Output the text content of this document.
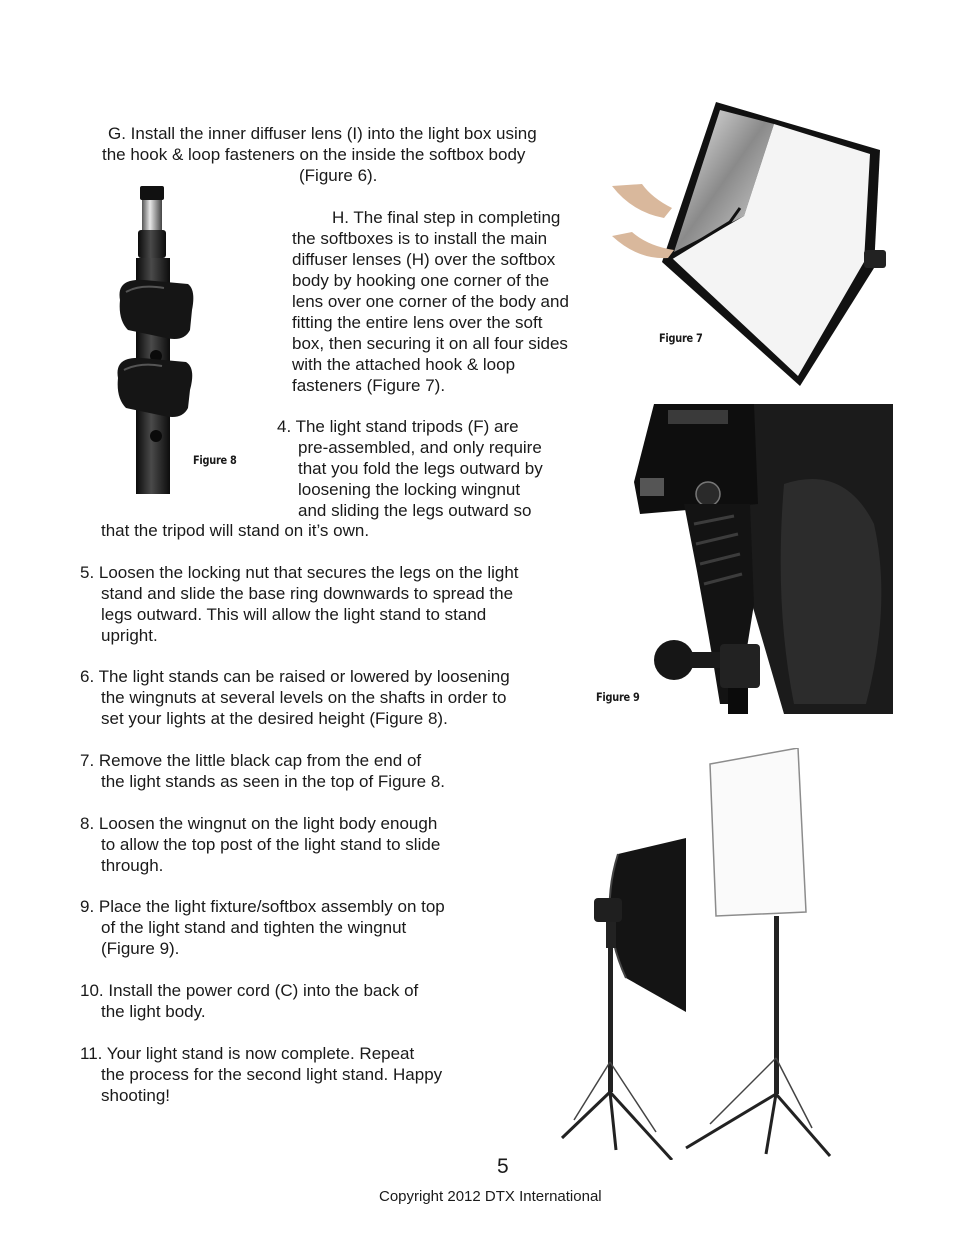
G. Install the inner diffuser lens (I) into the light box using

the hook & loop fasteners on the inside the softbox body

(Figure 6).

H. The final step in completing

the softboxes is to install the main

diffuser lenses (H) over the softbox

body by hooking one corner of the

lens over one corner of the body and

fitting the entire lens over the soft

box, then securing it on all four sides

with the attached hook & loop

fasteners (Figure 7).

4. The light stand tripods (F) are

pre-assembled, and only require

that you fold the legs outward by

loosening the locking wingnut

and sliding the legs outward so

that the tripod will stand on it’s own.

5. Loosen the locking nut that secures the legs on the light

stand and slide the base ring downwards to spread the

legs outward. This will allow the light stand to stand

upright.

6. The light stands can be raised or lowered by loosening

the wingnuts at several levels on the shafts in order to

set your lights at the desired height (Figure 8).

7. Remove the little black cap from the end of

the light stands as seen in the top of Figure 8.

8. Loosen the wingnut on the light body enough

to allow the top post of the light stand to slide

through.

9. Place the light fixture/softbox assembly on top

of the light stand and tighten the wingnut

(Figure 9).

10. Install the power cord (C) into the back of

the light body.

11. Your light stand is now complete. Repeat

the process for the second light stand. Happy

shooting!

Figure 8
Figure 7
Figure 9
5
Copyright 2012 DTX International
